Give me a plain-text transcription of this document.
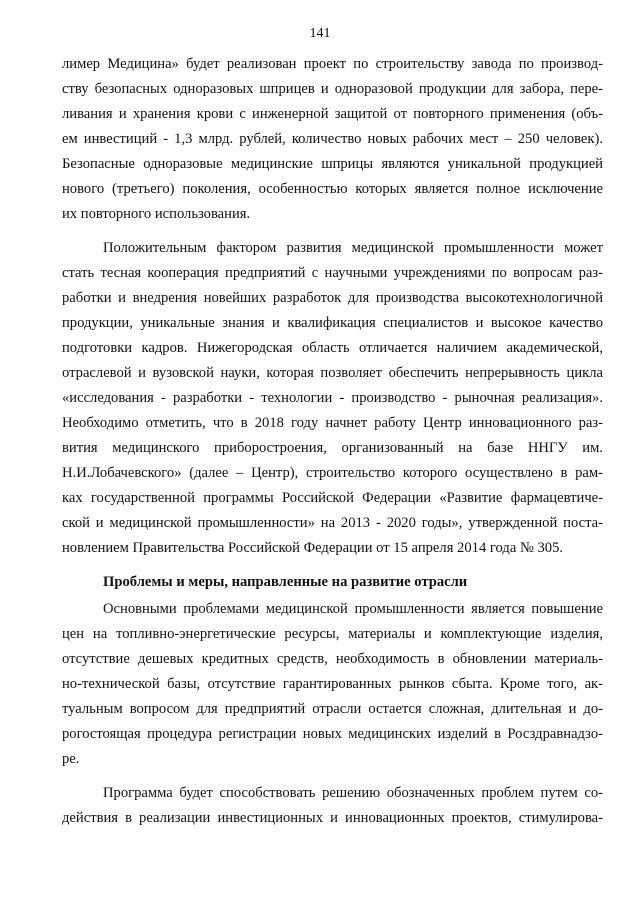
141
лимер Медицина» будет реализован проект по строительству завода по производ-
ству безопасных одноразовых шприцев и одноразовой продукции для забора, пере-
ливания и хранения крови с инженерной защитой от повторного применения (объ-
ем инвестиций - 1,3 млрд. рублей, количество новых рабочих мест – 250 человек).
Безопасные одноразовые медицинские шприцы являются уникальной продукцией
нового (третьего) поколения, особенностью которых является полное исключение
их повторного использования.
Положительным фактором развития медицинской промышленности может
стать тесная кооперация предприятий с научными учреждениями по вопросам раз-
работки и внедрения новейших разработок для производства высокотехнологичной
продукции, уникальные знания и квалификация специалистов и высокое качество
подготовки кадров. Нижегородская область отличается наличием академической,
отраслевой и вузовской науки, которая позволяет обеспечить непрерывность цикла
«исследования - разработки - технологии - производство - рыночная реализация».
Необходимо отметить, что в 2018 году начнет работу Центр инновационного раз-
вития медицинского приборостроения, организованный на базе ННГУ им.
Н.И.Лобачевского» (далее – Центр), строительство которого осуществлено в рам-
ках государственной программы Российской Федерации «Развитие фармацевтиче-
ской и медицинской промышленности» на 2013 - 2020 годы», утвержденной поста-
новлением Правительства Российской Федерации от 15 апреля 2014 года № 305.
Проблемы и меры, направленные на развитие отрасли
Основными проблемами медицинской промышленности является повышение
цен на топливно-энергетические ресурсы, материалы и комплектующие изделия,
отсутствие дешевых кредитных средств, необходимость в обновлении материаль-
но-технической базы, отсутствие гарантированных рынков сбыта. Кроме того, ак-
туальным вопросом для предприятий отрасли остается сложная, длительная и до-
рогостоящая процедура регистрации новых медицинских изделий в Росздравнадзо-
ре.
Программа будет способствовать решению обозначенных проблем путем со-
действия в реализации инвестиционных и инновационных проектов, стимулирова-
